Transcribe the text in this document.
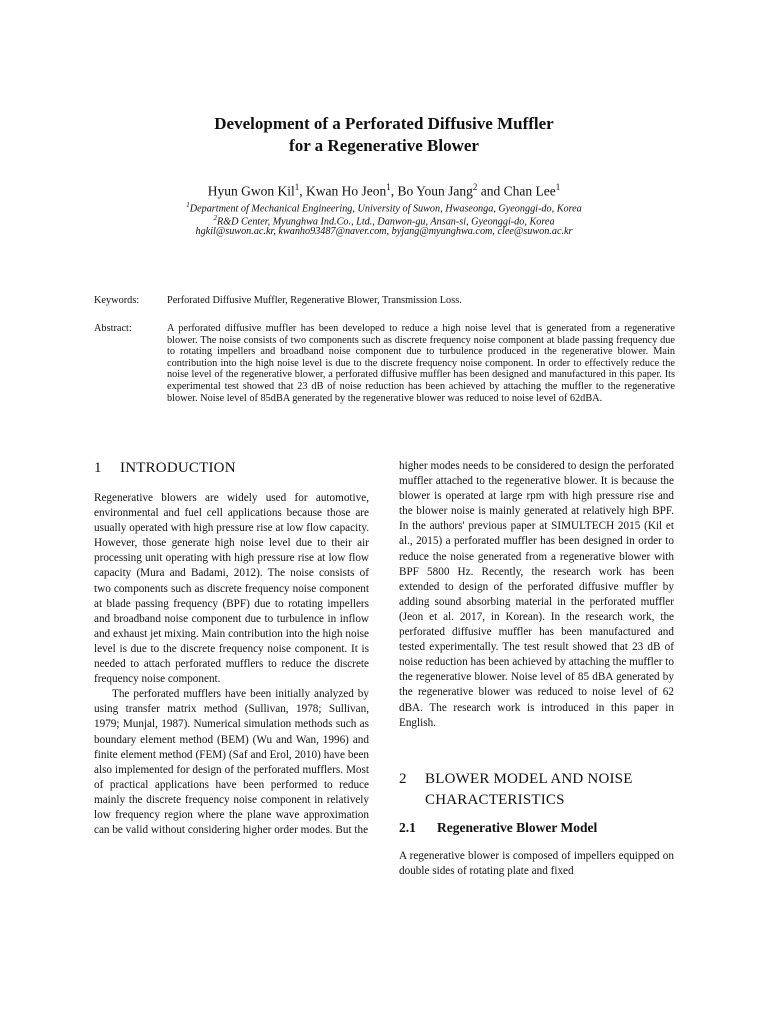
Development of a Perforated Diffusive Muffler
for a Regenerative Blower
Hyun Gwon Kil$^1$, Kwan Ho Jeon$^1$, Bo Youn Jang$^2$ and Chan Lee$^1$
$^1$Department of Mechanical Engineering, University of Suwon, Hwaseonga, Gyeonggi-do, Korea
$^2$R&D Center, Myunghwa Ind.Co., Ltd., Danwon-gu, Ansan-si, Gyeonggi-do, Korea
hgkil@suwon.ac.kr, kwanho93487@naver.com, byjang@myunghwa.com, clee@suwon.ac.kr
Keywords:	Perforated Diffusive Muffler, Regenerative Blower, Transmission Loss.
Abstract:	A perforated diffusive muffler has been developed to reduce a high noise level that is generated from a regenerative blower. The noise consists of two components such as discrete frequency noise component at blade passing frequency due to rotating impellers and broadband noise component due to turbulence produced in the regenerative blower. Main contribution into the high noise level is due to the discrete frequency noise component. In order to effectively reduce the noise level of the regenerative blower, a perforated diffusive muffler has been designed and manufactured in this paper. Its experimental test showed that 23 dB of noise reduction has been achieved by attaching the muffler to the regenerative blower. Noise level of 85dBA generated by the regenerative blower was reduced to noise level of 62dBA.
1 INTRODUCTION

Regenerative blowers are widely used for automotive, environmental and fuel cell applications because those are usually operated with high pressure rise at low flow capacity. However, those generate high noise level due to their air processing unit operating with high pressure rise at low flow capacity (Mura and Badami, 2012). The noise consists of two components such as discrete frequency noise component at blade passing frequency (BPF) due to rotating impellers and broadband noise component due to turbulence in inflow and exhaust jet mixing. Main contribution into the high noise level is due to the discrete frequency noise component. It is needed to attach perforated mufflers to reduce the discrete frequency noise component.

The perforated mufflers have been initially analyzed by using transfer matrix method (Sullivan, 1978; Sullivan, 1979; Munjal, 1987). Numerical simulation methods such as boundary element method (BEM) (Wu and Wan, 1996) and finite element method (FEM) (Saf and Erol, 2010) have been also implemented for design of the perforated mufflers. Most of practical applications have been performed to reduce mainly the discrete frequency noise component in relatively low frequency region where the plane wave approximation can be valid without considering higher order modes. But the

higher modes needs to be considered to design the perforated muffler attached to the regenerative blower. It is because the blower is operated at large rpm with high pressure rise and the blower noise is mainly generated at relatively high BPF. In the authors' previous paper at SIMULTECH 2015 (Kil et al., 2015) a perforated muffler has been designed in order to reduce the noise generated from a regenerative blower with BPF 5800 Hz. Recently, the research work has been extended to design of the perforated diffusive muffler by adding sound absorbing material in the perforated muffler (Jeon et al. 2017, in Korean). In the research work, the perforated diffusive muffler has been manufactured and tested experimentally. The test result showed that 23 dB of noise reduction has been achieved by attaching the muffler to the regenerative blower. Noise level of 85 dBA generated by the regenerative blower was reduced to noise level of 62 dBA. The research work is introduced in this paper in English.

2 BLOWER MODEL AND NOISE
CHARACTERISTICS
2.1 Regenerative Blower Model

A regenerative blower is composed of impellers equipped on double sides of rotating plate and fixed
